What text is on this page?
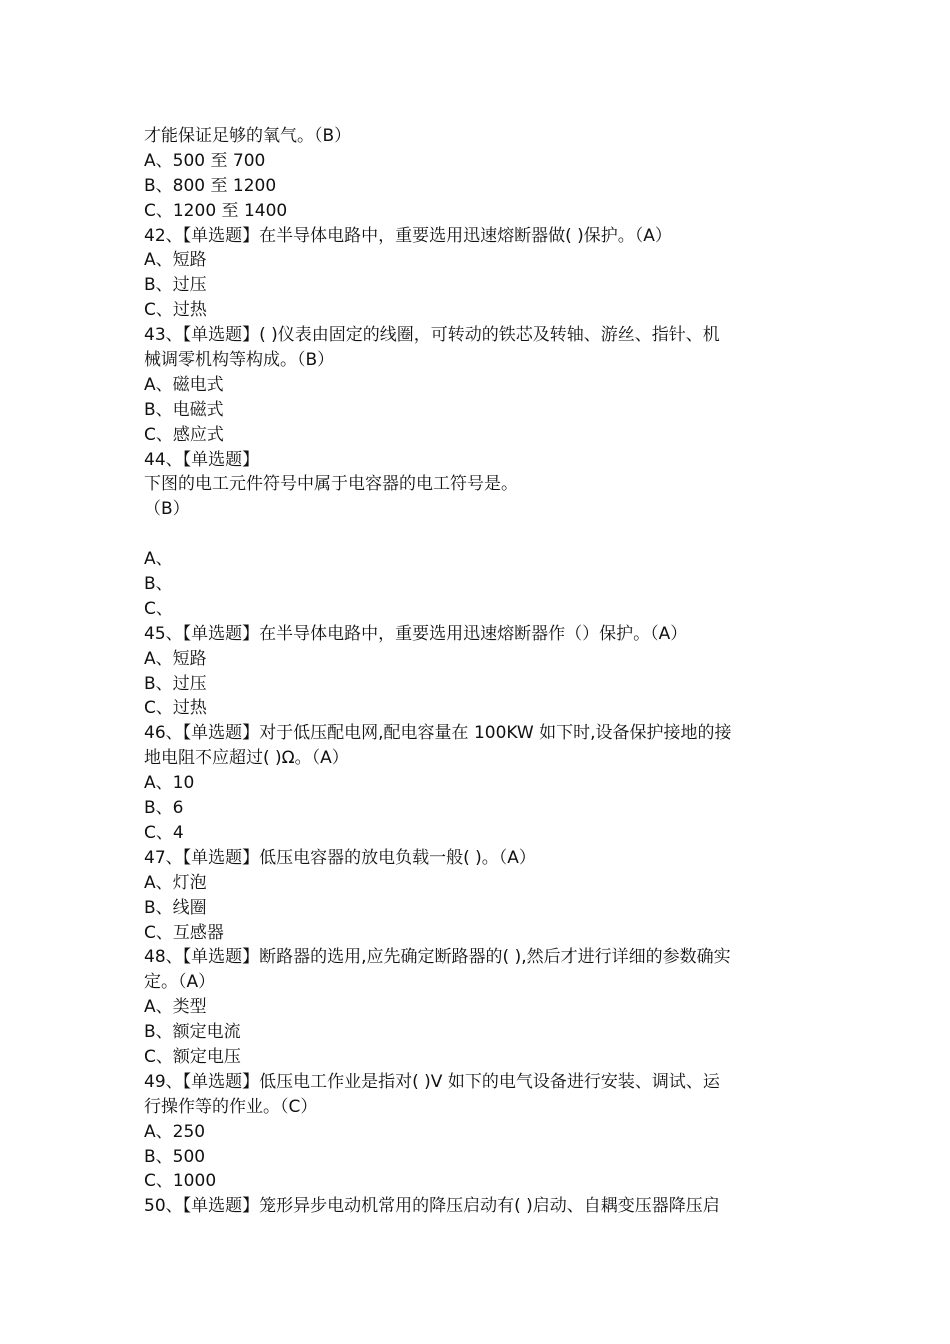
才能保证足够的氧气。（B）
A、500 至 700
B、800 至 1200
C、1200 至 1400
42、【单选题】在半导体电路中，重要选用迅速熔断器做( )保护。（A）
A、短路
B、过压
C、过热
43、【单选题】( )仪表由固定的线圈，可转动的铁芯及转轴、游丝、指针、机
械调零机构等构成。（B）
A、磁电式
B、电磁式
C、感应式
44、【单选题】
下图的电工元件符号中属于电容器的电工符号是。
（B）
A、
B、
C、
45、【单选题】在半导体电路中，重要选用迅速熔断器作（）保护。（A）
A、短路
B、过压
C、过热
46、【单选题】对于低压配电网,配电容量在 100KW 如下时,设备保护接地的接
地电阻不应超过( )Ω。（A）
A、10
B、6
C、4
47、【单选题】低压电容器的放电负载一般( )。（A）
A、灯泡
B、线圈
C、互感器
48、【单选题】断路器的选用,应先确定断路器的( ),然后才进行详细的参数确实
定。（A）
A、类型
B、额定电流
C、额定电压
49、【单选题】低压电工作业是指对( )V 如下的电气设备进行安装、调试、运
行操作等的作业。（C）
A、250
B、500
C、1000
50、【单选题】笼形异步电动机常用的降压启动有( )启动、自耦变压器降压启
